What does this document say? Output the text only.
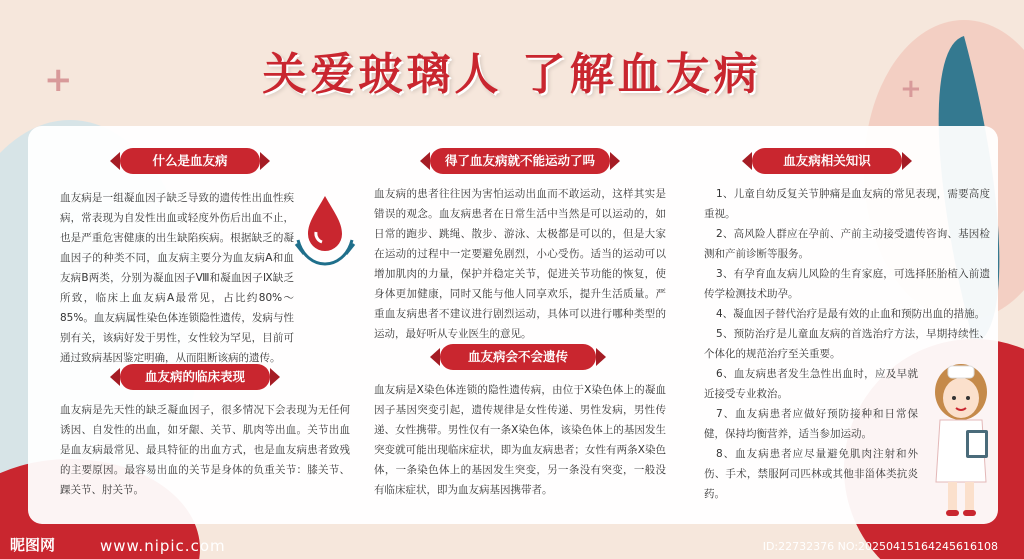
+	+
关爱玻璃人 了解血友病
什么是血友病
血友病是一组凝血因子缺乏导致的遗传性出血性疾病，常表现为自发性出血或轻度外伤后出血不止，也是严重危害健康的出生缺陷疾病。根据缺乏的凝血因子的种类不同，血友病主要分为血友病A和血友病B两类，分别为凝血因子Ⅷ和凝血因子Ⅸ缺乏所致，临床上血友病A最常见，占比约80%～85%。血友病属性染色体连锁隐性遗传，发病与性别有关，该病好发于男性，女性较为罕见，目前可通过致病基因鉴定明确，从而阻断该病的遗传。
血友病的临床表现
血友病是先天性的缺乏凝血因子，很多情况下会表现为无任何诱因、自发性的出血，如牙龈、关节、肌肉等出血。关节出血是血友病最常见、最具特征的出血方式，也是血友病患者致残的主要原因。最容易出血的关节是身体的负重关节：膝关节、踝关节、肘关节。
得了血友病就不能运动了吗
血友病的患者往往因为害怕运动出血而不敢运动，这样其实是错误的观念。血友病患者在日常生活中当然是可以运动的，如日常的跑步、跳绳、散步、游泳、太极都是可以的，但是大家在运动的过程中一定要避免剧烈，小心受伤。适当的运动可以增加肌肉的力量，保护并稳定关节，促进关节功能的恢复，使身体更加健康，同时又能与他人同享欢乐，提升生活质量。严重血友病患者不建议进行剧烈运动，具体可以进行哪种类型的运动，最好听从专业医生的意见。
血友病会不会遗传
血友病是X染色体连锁的隐性遗传病，由位于X染色体上的凝血因子基因突变引起，遗传规律是女性传递、男性发病，男性传递、女性携带。男性仅有一条X染色体，该染色体上的基因发生突变就可能出现临床症状，即为血友病患者；女性有两条X染色体，一条染色体上的基因发生突变，另一条没有突变，一般没有临床症状，即为血友病基因携带者。
血友病相关知识
1、儿童自幼反复关节肿痛是血友病的常见表现，需要高度重视。
2、高风险人群应在孕前、产前主动接受遗传咨询、基因检测和产前诊断等服务。
3、有孕育血友病儿风险的生育家庭，可选择胚胎植入前遗传学检测技术助孕。
4、凝血因子替代治疗是最有效的止血和预防出血的措施。
5、预防治疗是儿童血友病的首选治疗方法，早期持续性、个体化的规范治疗至关重要。
6、血友病患者发生急性出血时，应及早就近接受专业救治。
7、血友病患者应做好预防接种和日常保健，保持均衡营养，适当参加运动。
8、血友病患者应尽量避免肌肉注射和外伤、手术，禁服阿司匹林或其他非甾体类抗炎药。
昵图网	www.nipic.com	ID:22732376 NO:20250415164245616108
